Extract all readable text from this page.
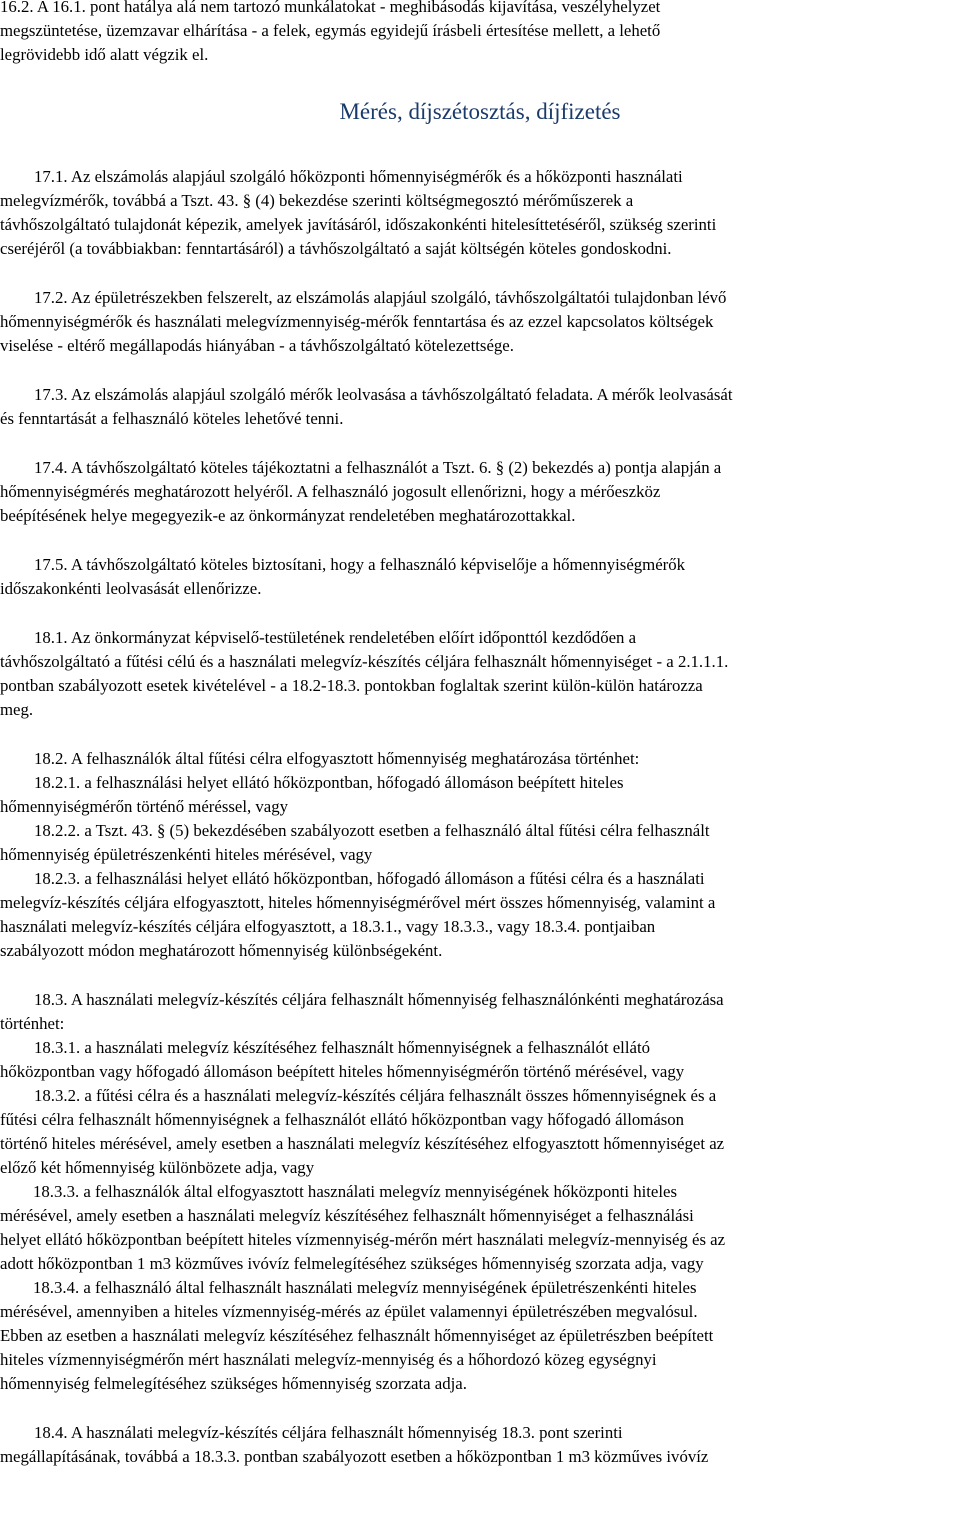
Mérés, díjszétosztás, díjfizetés
16.2. A 16.1. pont hatálya alá nem tartozó munkálatokat - meghibásodás kijavítása, veszélyhelyzet
megszüntetése, üzemzavar elhárítása - a felek, egymás egyidejű írásbeli értesítése mellett, a lehető
legrövidebb idő alatt végzik el.
17.1. Az elszámolás alapjául szolgáló hőközponti hőmennyiségmérők és a hőközponti használati
melegvízmérők, továbbá a Tszt. 43. § (4) bekezdése szerinti költségmegosztó mérőműszerek a
távhőszolgáltató tulajdonát képezik, amelyek javításáról, időszakonkénti hitelesíttetéséről, szükség szerinti
cseréjéről (a továbbiakban: fenntartásáról) a távhőszolgáltató a saját költségén köteles gondoskodni.
17.2. Az épületrészekben felszerelt, az elszámolás alapjául szolgáló, távhőszolgáltatói tulajdonban lévő
hőmennyiségmérők és használati melegvízmennyiség-mérők fenntartása és az ezzel kapcsolatos költségek
viselése - eltérő megállapodás hiányában - a távhőszolgáltató kötelezettsége.
17.3. Az elszámolás alapjául szolgáló mérők leolvasása a távhőszolgáltató feladata. A mérők leolvasását
és fenntartását a felhasználó köteles lehetővé tenni.
17.4. A távhőszolgáltató köteles tájékoztatni a felhasználót a Tszt. 6. § (2) bekezdés a) pontja alapján a
hőmennyiségmérés meghatározott helyéről. A felhasználó jogosult ellenőrizni, hogy a mérőeszköz
beépítésének helye megegyezik-e az önkormányzat rendeletében meghatározottakkal.
17.5. A távhőszolgáltató köteles biztosítani, hogy a felhasználó képviselője a hőmennyiségmérők
időszakonkénti leolvasását ellenőrizze.
18.1. Az önkormányzat képviselő-testületének rendeletében előírt időponttól kezdődően a
távhőszolgáltató a fűtési célú és a használati melegvíz-készítés céljára felhasznált hőmennyiséget - a 2.1.1.1.
pontban szabályozott esetek kivételével - a 18.2-18.3. pontokban foglaltak szerint külön-külön határozza
meg.
18.2. A felhasználók által fűtési célra elfogyasztott hőmennyiség meghatározása történhet:
18.2.1. a felhasználási helyet ellátó hőközpontban, hőfogadó állomáson beépített hiteles
hőmennyiségmérőn történő méréssel, vagy
18.2.2. a Tszt. 43. § (5) bekezdésében szabályozott esetben a felhasználó által fűtési célra felhasznált
hőmennyiség épületrészenkénti hiteles mérésével, vagy
18.2.3. a felhasználási helyet ellátó hőközpontban, hőfogadó állomáson a fűtési célra és a használati
melegvíz-készítés céljára elfogyasztott, hiteles hőmennyiségmérővel mért összes hőmennyiség, valamint a
használati melegvíz-készítés céljára elfogyasztott, a 18.3.1., vagy 18.3.3., vagy 18.3.4. pontjaiban
szabályozott módon meghatározott hőmennyiség különbségeként.
18.3. A használati melegvíz-készítés céljára felhasznált hőmennyiség felhasználónkénti meghatározása
történhet:
18.3.1. a használati melegvíz készítéséhez felhasznált hőmennyiségnek a felhasználót ellátó
hőközpontban vagy hőfogadó állomáson beépített hiteles hőmennyiségmérőn történő mérésével, vagy
18.3.2. a fűtési célra és a használati melegvíz-készítés céljára felhasznált összes hőmennyiségnek és a
fűtési célra felhasznált hőmennyiségnek a felhasználót ellátó hőközpontban vagy hőfogadó állomáson
történő hiteles mérésével, amely esetben a használati melegvíz készítéséhez elfogyasztott hőmennyiséget az
előző két hőmennyiség különbözete adja, vagy
18.3.3. a felhasználók által elfogyasztott használati melegvíz mennyiségének hőközponti hiteles
mérésével, amely esetben a használati melegvíz készítéséhez felhasznált hőmennyiséget a felhasználási
helyet ellátó hőközpontban beépített hiteles vízmennyiség-mérőn mért használati melegvíz-mennyiség és az
adott hőközpontban 1 m3 közműves ivóvíz felmelegítéséhez szükséges hőmennyiség szorzata adja, vagy
18.3.4. a felhasználó által felhasznált használati melegvíz mennyiségének épületrészenkénti hiteles
mérésével, amennyiben a hiteles vízmennyiség-mérés az épület valamennyi épületrészében megvalósul.
Ebben az esetben a használati melegvíz készítéséhez felhasznált hőmennyiséget az épületrészben beépített
hiteles vízmennyiségmérőn mért használati melegvíz-mennyiség és a hőhordozó közeg egységnyi
hőmennyiség felmelegítéséhez szükséges hőmennyiség szorzata adja.
18.4. A használati melegvíz-készítés céljára felhasznált hőmennyiség 18.3. pont szerinti
megállapításának, továbbá a 18.3.3. pontban szabályozott esetben a hőközpontban 1 m3 közműves ivóvíz
